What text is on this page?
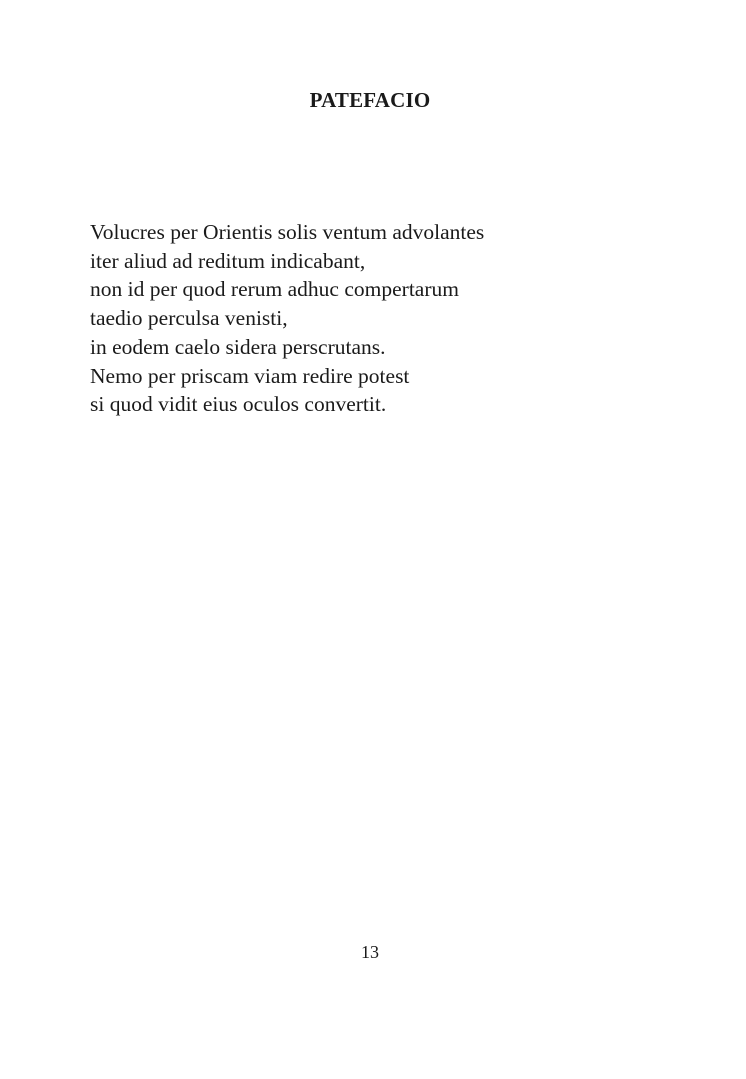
PATEFACIO
Volucres per Orientis solis ventum advolantes
iter aliud ad reditum indicabant,
non id per quod rerum adhuc compertarum
taedio perculsa venisti,
in eodem caelo sidera perscrutans.
Nemo per priscam viam redire potest
si quod vidit eius oculos convertit.
13
